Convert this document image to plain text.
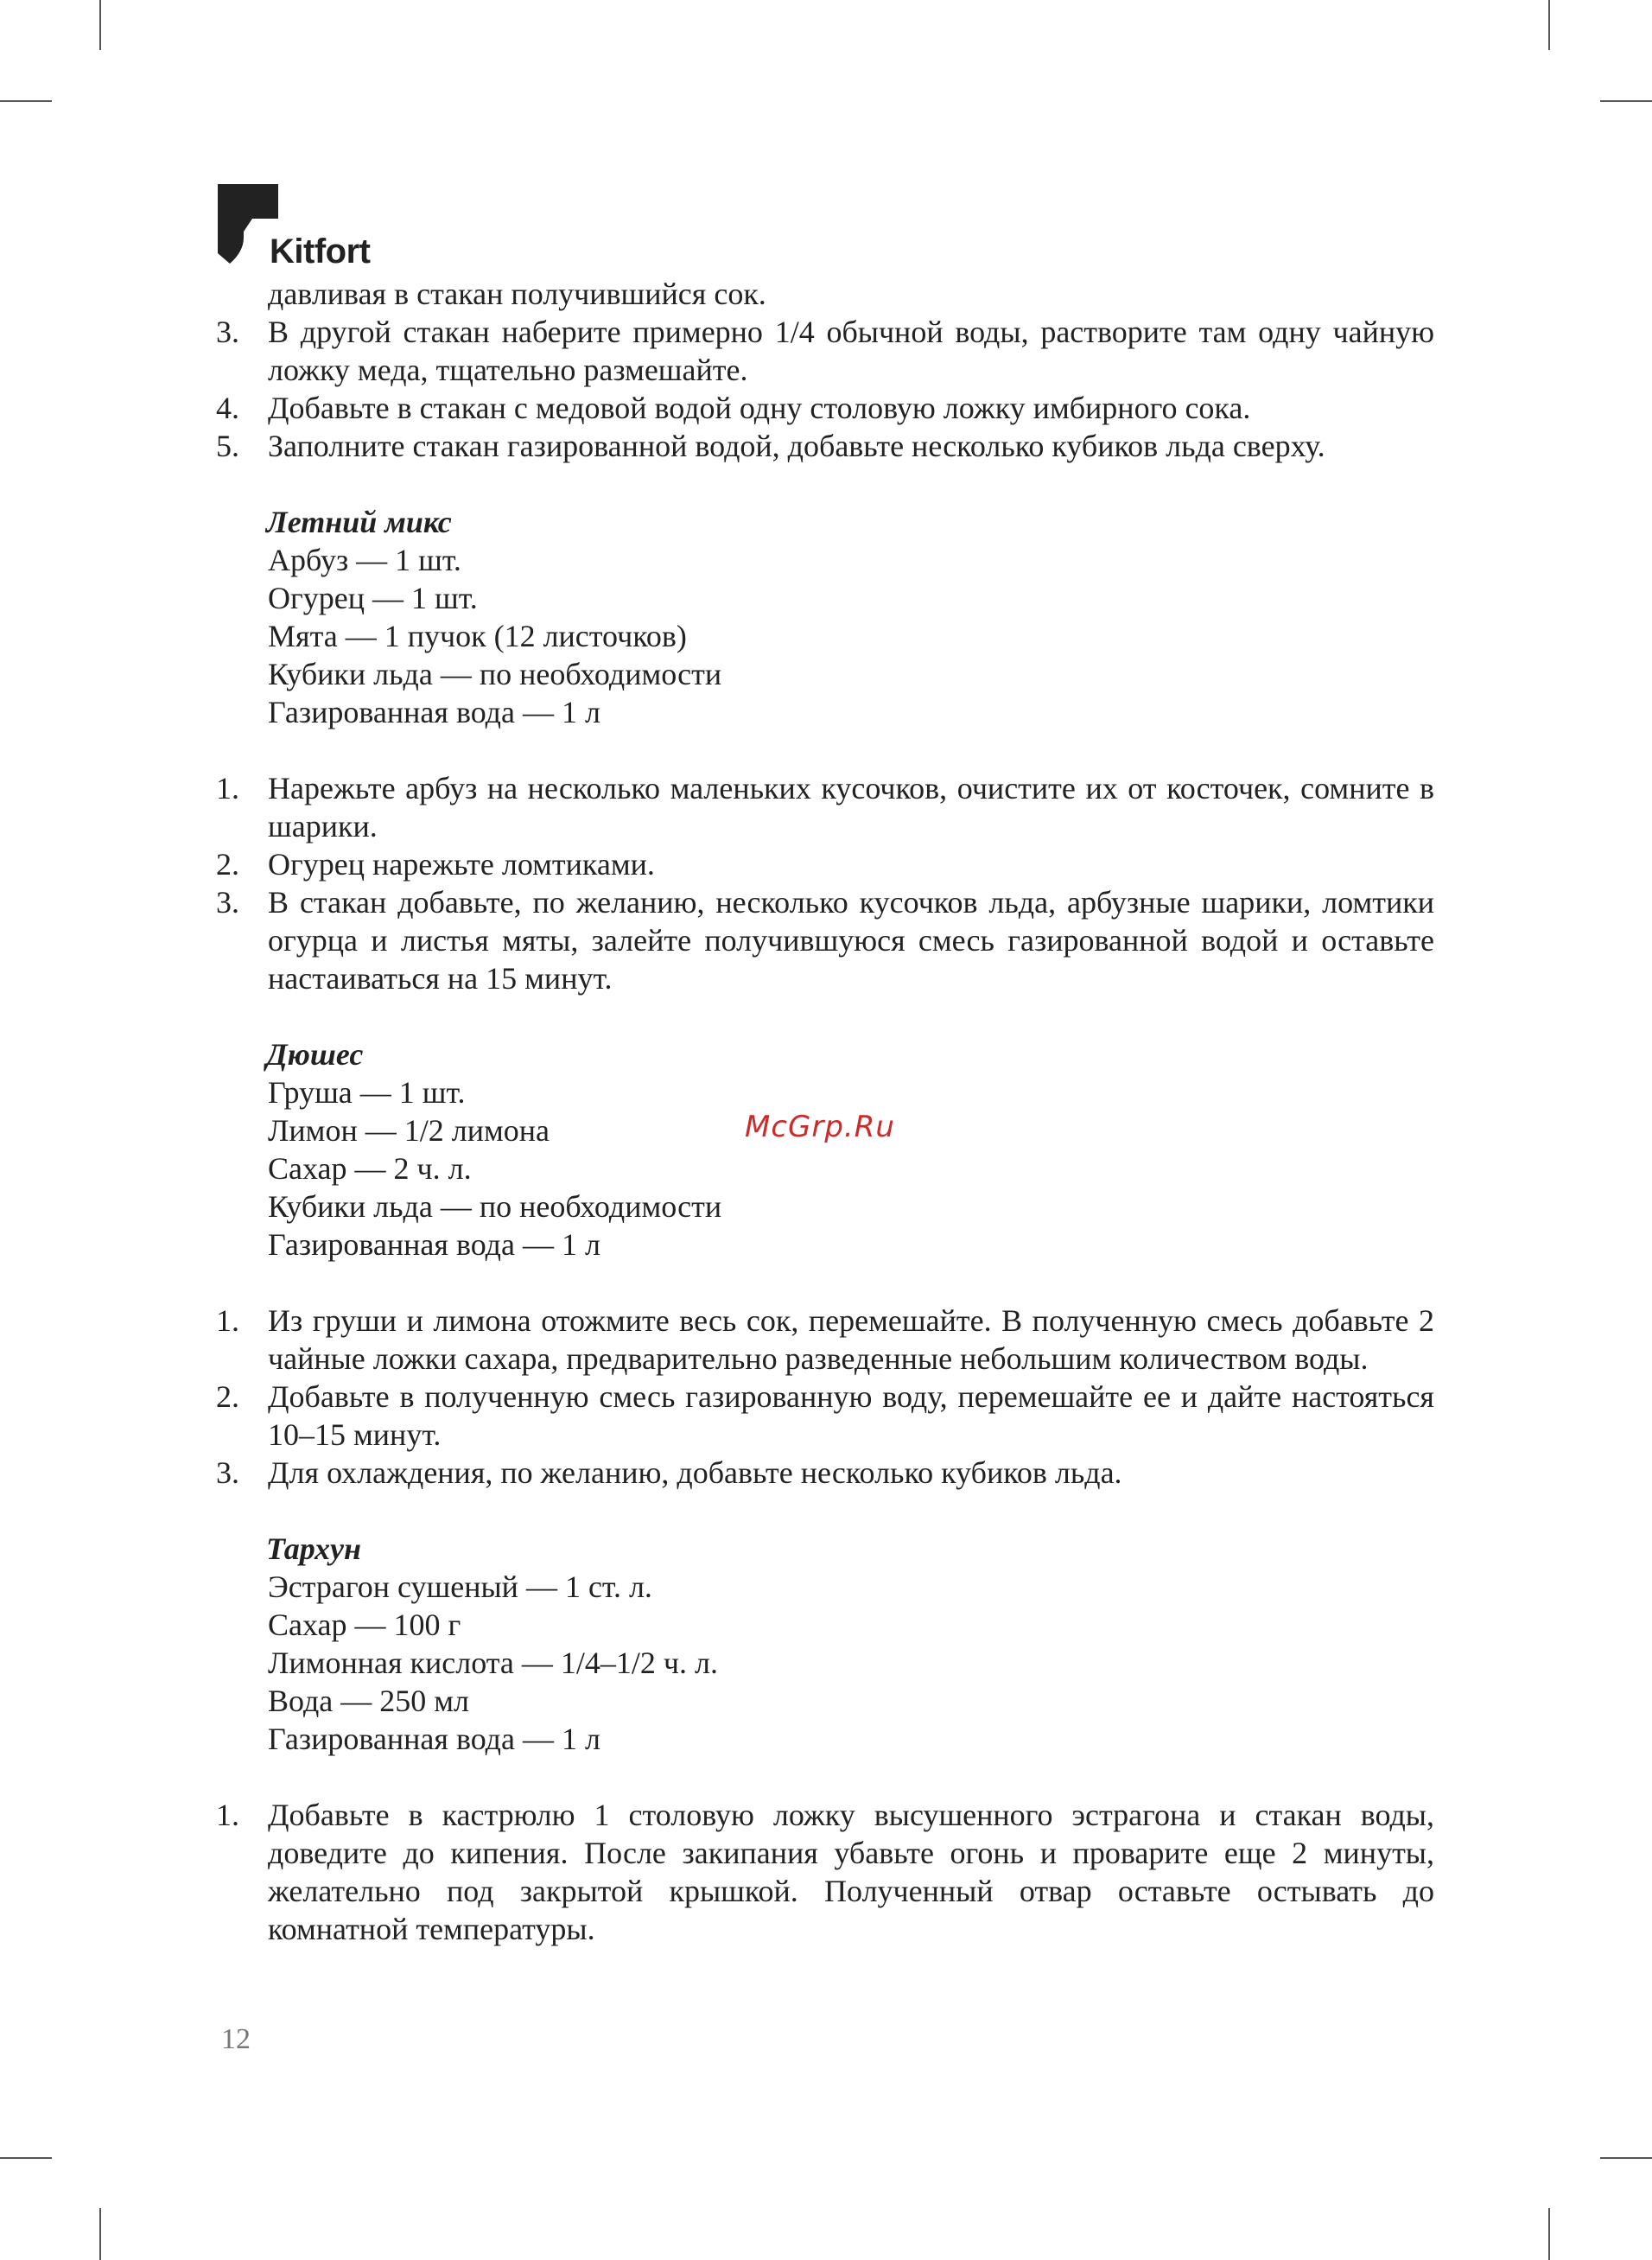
Kitfort
давливая в стакан получившийся сок.
3. В другой стакан наберите примерно 1/4 обычной воды, растворите там одну чайную ложку меда, тщательно размешайте.
4. Добавьте в стакан с медовой водой одну столовую ложку имбирного сока.
5. Заполните стакан газированной водой, добавьте несколько кубиков льда сверху.
Летний микс
Арбуз — 1 шт.
Огурец — 1 шт.
Мята — 1 пучок (12 листочков)
Кубики льда — по необходимости
Газированная вода — 1 л
1. Нарежьте арбуз на несколько маленьких кусочков, очистите их от косточек, сомните в шарики.
2. Огурец нарежьте ломтиками.
3. В стакан добавьте, по желанию, несколько кусочков льда, арбузные шарики, ломтики огурца и листья мяты, залейте получившуюся смесь газированной водой и оставьте настаиваться на 15 минут.
Дюшес
Груша — 1 шт.
Лимон — 1/2 лимона
Сахар — 2 ч. л.
Кубики льда — по необходимости
Газированная вода — 1 л
1. Из груши и лимона отожмите весь сок, перемешайте. В полученную смесь добавьте 2 чайные ложки сахара, предварительно разведенные небольшим количеством воды.
2. Добавьте в полученную смесь газированную воду, перемешайте ее и дайте настояться 10–15 минут.
3. Для охлаждения, по желанию, добавьте несколько кубиков льда.
Тархун
Эстрагон сушеный — 1 ст. л.
Сахар — 100 г
Лимонная кислота — 1/4–1/2 ч. л.
Вода — 250 мл
Газированная вода — 1 л
1. Добавьте в кастрюлю 1 столовую ложку высушенного эстрагона и стакан воды, доведите до кипения. После закипания убавьте огонь и проварите еще 2 минуты, желательно под закрытой крышкой. Полученный отвар оставьте остывать до комнатной температуры.
McGrp.Ru
12
